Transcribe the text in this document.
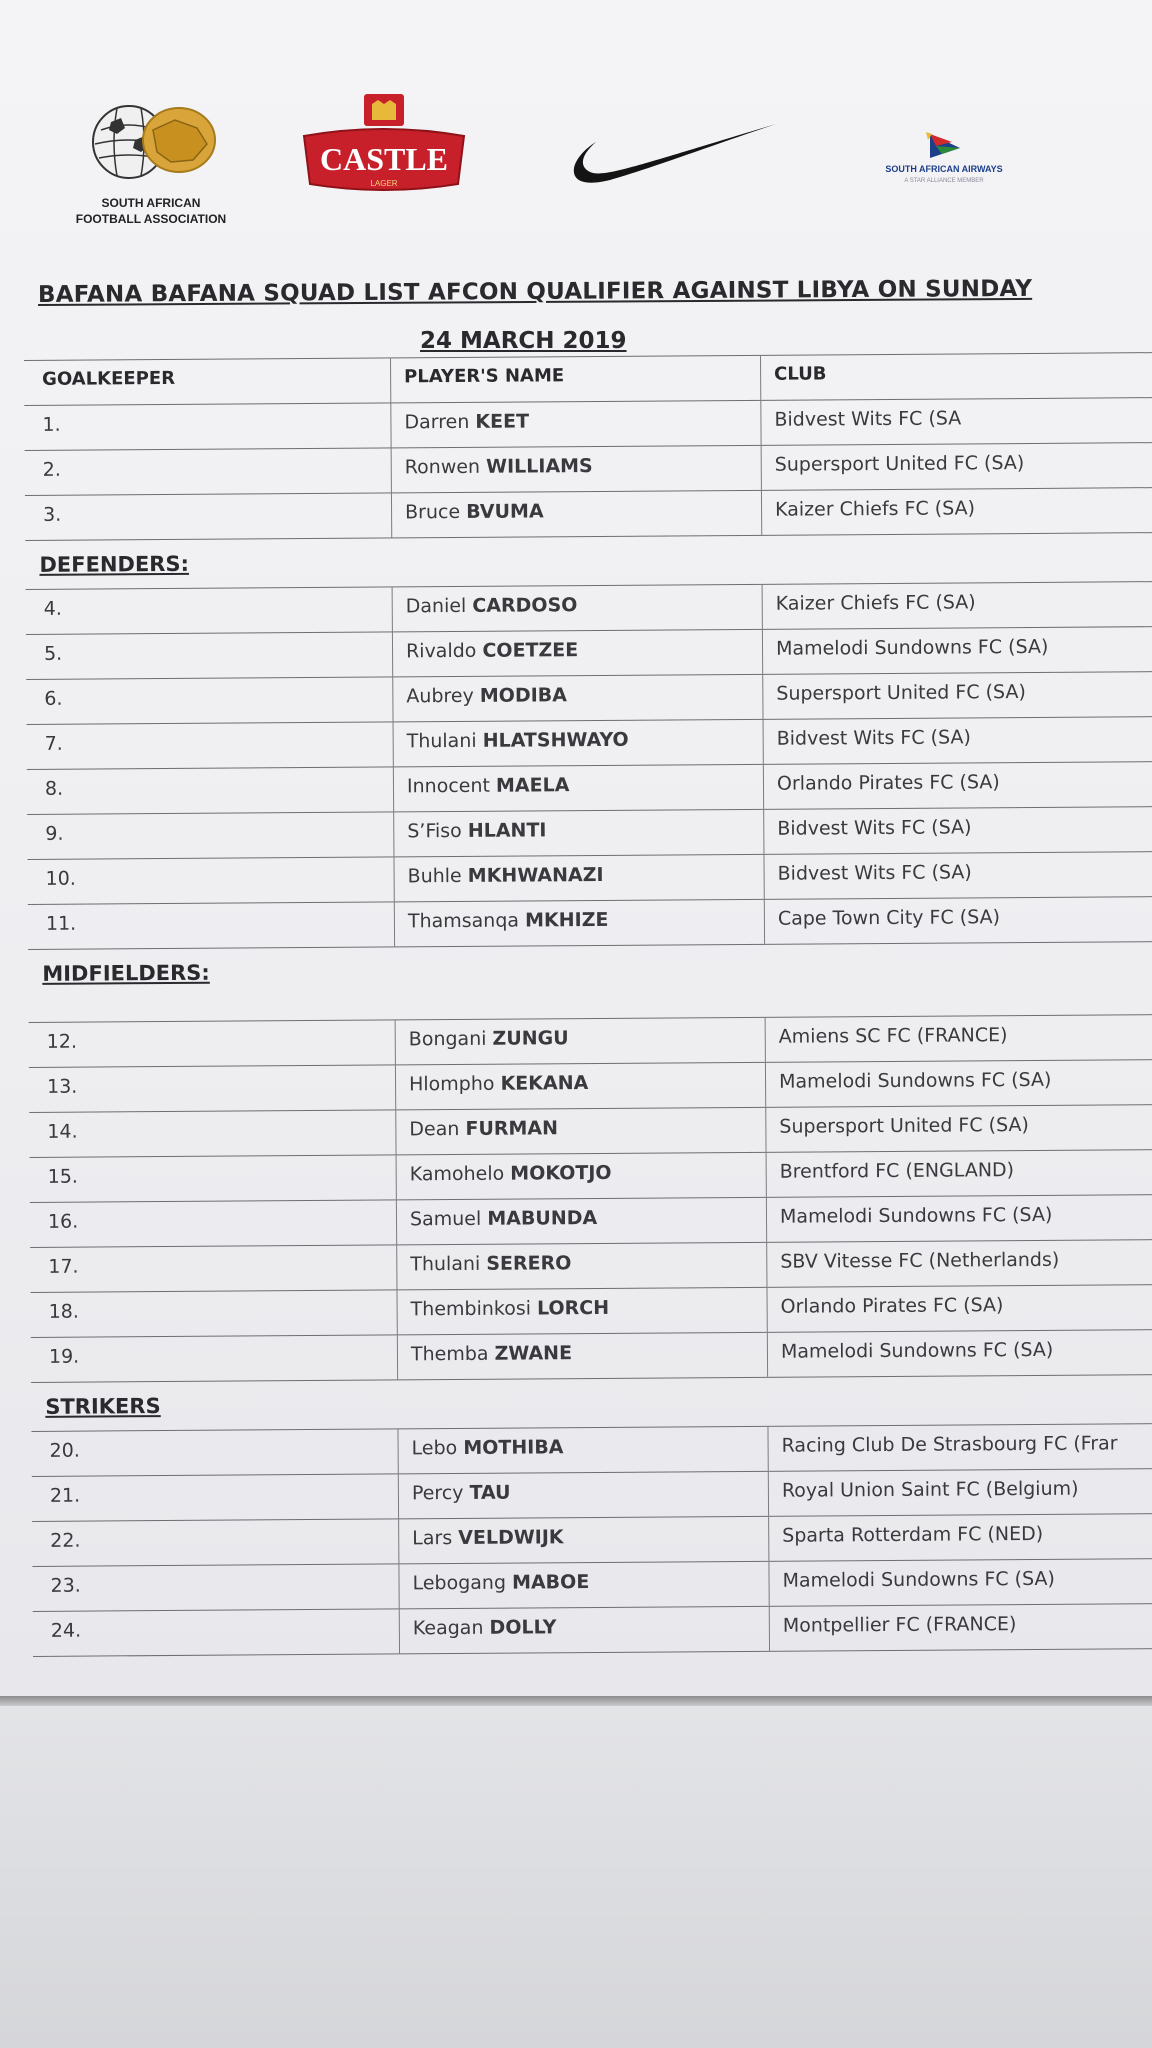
SOUTH AFRICAN
FOOTBALL ASSOCIATION
CASTLE
LAGER
SOUTH AFRICAN AIRWAYS
A STAR ALLIANCE MEMBER
BAFANA BAFANA SQUAD LIST AFCON QUALIFIER AGAINST LIBYA ON SUNDAY
24 MARCH 2019
GOALKEEPER	PLAYER'S NAME	CLUB
1.	Darren KEET	Bidvest Wits FC (SA
2.	Ronwen WILLIAMS	Supersport United FC (SA)
3.	Bruce BVUMA	Kaizer Chiefs FC (SA)
DEFENDERS:
4.	Daniel CARDOSO	Kaizer Chiefs FC (SA)
5.	Rivaldo COETZEE	Mamelodi Sundowns FC (SA)
6.	Aubrey MODIBA	Supersport United FC (SA)
7.	Thulani HLATSHWAYO	Bidvest Wits FC (SA)
8.	Innocent MAELA	Orlando Pirates FC (SA)
9.	S’Fiso HLANTI	Bidvest Wits FC (SA)
10.	Buhle MKHWANAZI	Bidvest Wits FC (SA)
11.	Thamsanqa MKHIZE	Cape Town City FC (SA)
MIDFIELDERS:
12.	Bongani ZUNGU	Amiens SC FC (FRANCE)
13.	Hlompho KEKANA	Mamelodi Sundowns FC (SA)
14.	Dean FURMAN	Supersport United FC (SA)
15.	Kamohelo MOKOTJO	Brentford FC (ENGLAND)
16.	Samuel MABUNDA	Mamelodi Sundowns FC (SA)
17.	Thulani SERERO	SBV Vitesse FC (Netherlands)
18.	Thembinkosi LORCH	Orlando Pirates FC (SA)
19.	Themba ZWANE	Mamelodi Sundowns FC (SA)
STRIKERS
20.	Lebo MOTHIBA	Racing Club De Strasbourg FC (Frar
21.	Percy TAU	Royal Union Saint FC (Belgium)
22.	Lars VELDWIJK	Sparta Rotterdam FC (NED)
23.	Lebogang MABOE	Mamelodi Sundowns FC (SA)
24.	Keagan DOLLY	Montpellier FC (FRANCE)
